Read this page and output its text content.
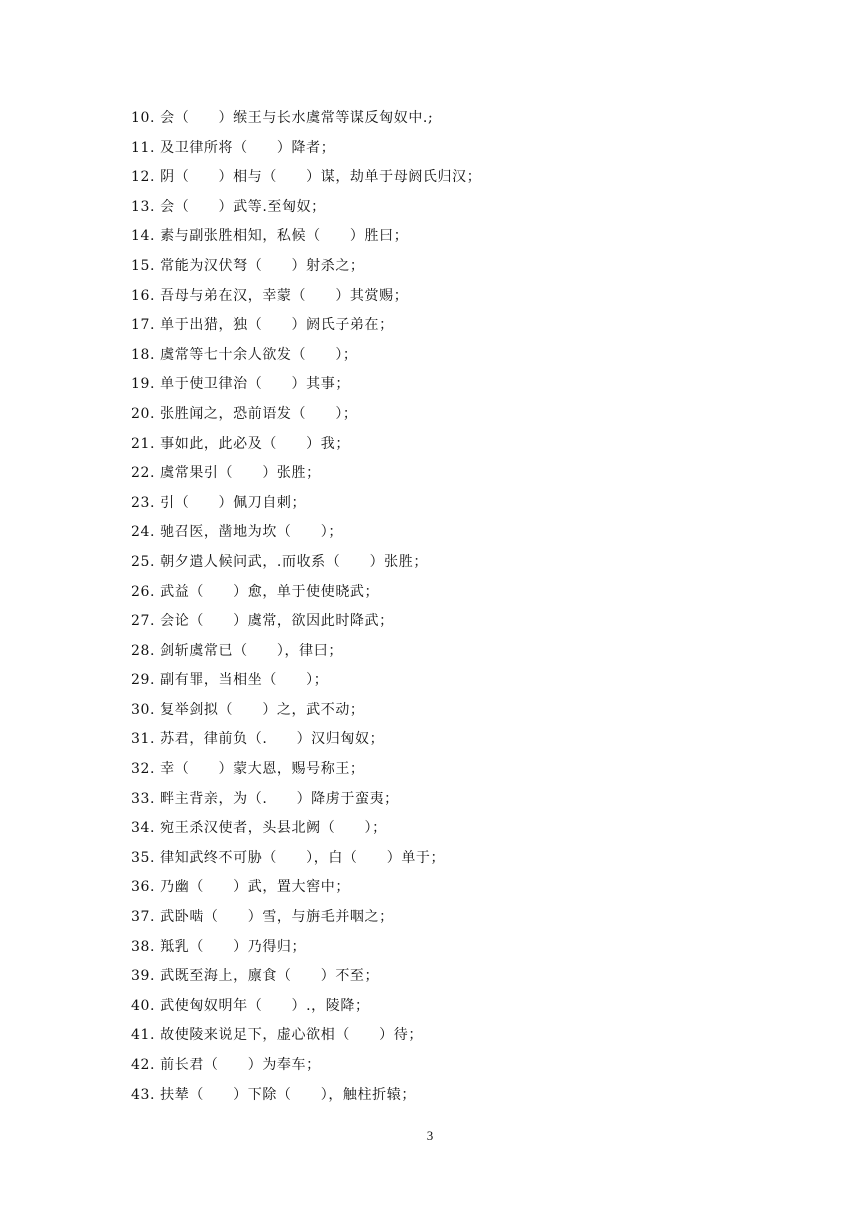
10. 会（　　）缑王与长水虞常等谋反匈奴中.;
11. 及卫律所将（　　）降者；
12. 阴（　　）相与（　　）谋，劫单于母阏氏归汉；
13. 会（　　）武等.至匈奴；
14. 素与副张胜相知，私候（　　）胜曰；
15. 常能为汉伏弩（　　）射杀之；
16. 吾母与弟在汉，幸蒙（　　）其赏赐；
17. 单于出猎，独（　　）阏氏子弟在；
18. 虞常等七十余人欲发（　　）；
19. 单于使卫律治（　　）其事；
20. 张胜闻之，恐前语发（　　）；
21. 事如此，此必及（　　）我；
22. 虞常果引（　　）张胜；
23. 引（　　）佩刀自刺；
24. 驰召医，凿地为坎（　　）；
25. 朝夕遣人候问武，.而收系（　　）张胜；
26. 武益（　　）愈，单于使使晓武；
27. 会论（　　）虞常，欲因此时降武；
28. 剑斩虞常已（　　），律曰；
29. 副有罪，当相坐（　　）；
30. 复举剑拟（　　）之，武不动；
31. 苏君，律前负（.　　）汉归匈奴；
32. 幸（　　）蒙大恩，赐号称王；
33. 畔主背亲，为（.　　）降虏于蛮夷；
34. 宛王杀汉使者，头县北阙（　　）；
35. 律知武终不可胁（　　），白（　　）单于；
36. 乃幽（　　）武，置大窖中；
37. 武卧啮（　　）雪，与旃毛并咽之；
38. 羝乳（　　）乃得归；
39. 武既至海上，廪食（　　）不至；
40. 武使匈奴明年（　　）.，陵降；
41. 故使陵来说足下，虚心欲相（　　）待；
42. 前长君（　　）为奉车；
43. 扶辇（　　）下除（　　），触柱折辕；
3
